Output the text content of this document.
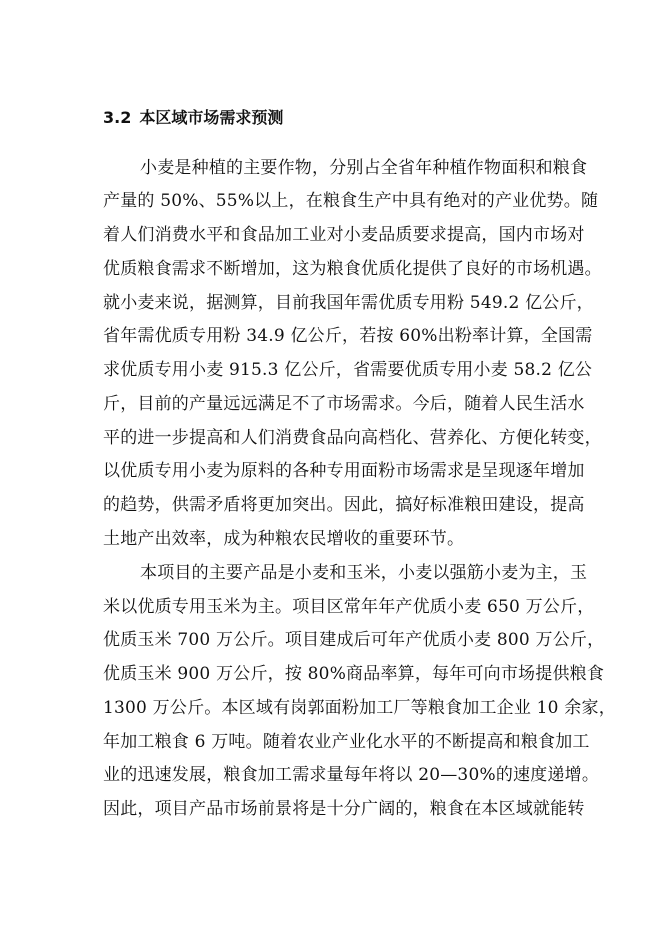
3.2 本区域市场需求预测
小麦是种植的主要作物，分别占全省年种植作物面积和粮食
产量的 50%、55%以上，在粮食生产中具有绝对的产业优势。随
着人们消费水平和食品加工业对小麦品质要求提高，国内市场对
优质粮食需求不断增加，这为粮食优质化提供了良好的市场机遇。
就小麦来说，据测算，目前我国年需优质专用粉 549.2 亿公斤，
省年需优质专用粉 34.9 亿公斤，若按 60%出粉率计算，全国需
求优质专用小麦 915.3 亿公斤，省需要优质专用小麦 58.2 亿公
斤，目前的产量远远满足不了市场需求。今后，随着人民生活水
平的进一步提高和人们消费食品向高档化、营养化、方便化转变，
以优质专用小麦为原料的各种专用面粉市场需求是呈现逐年增加
的趋势，供需矛盾将更加突出。因此，搞好标准粮田建设，提高
土地产出效率，成为种粮农民增收的重要环节。
本项目的主要产品是小麦和玉米，小麦以强筋小麦为主，玉
米以优质专用玉米为主。项目区常年年产优质小麦 650 万公斤，
优质玉米 700 万公斤。项目建成后可年产优质小麦 800 万公斤，
优质玉米 900 万公斤，按 80%商品率算，每年可向市场提供粮食
1300 万公斤。本区域有岗郭面粉加工厂等粮食加工企业 10 余家，
年加工粮食 6 万吨。随着农业产业化水平的不断提高和粮食加工
业的迅速发展，粮食加工需求量每年将以 20—30%的速度递增。
因此，项目产品市场前景将是十分广阔的，粮食在本区域就能转
